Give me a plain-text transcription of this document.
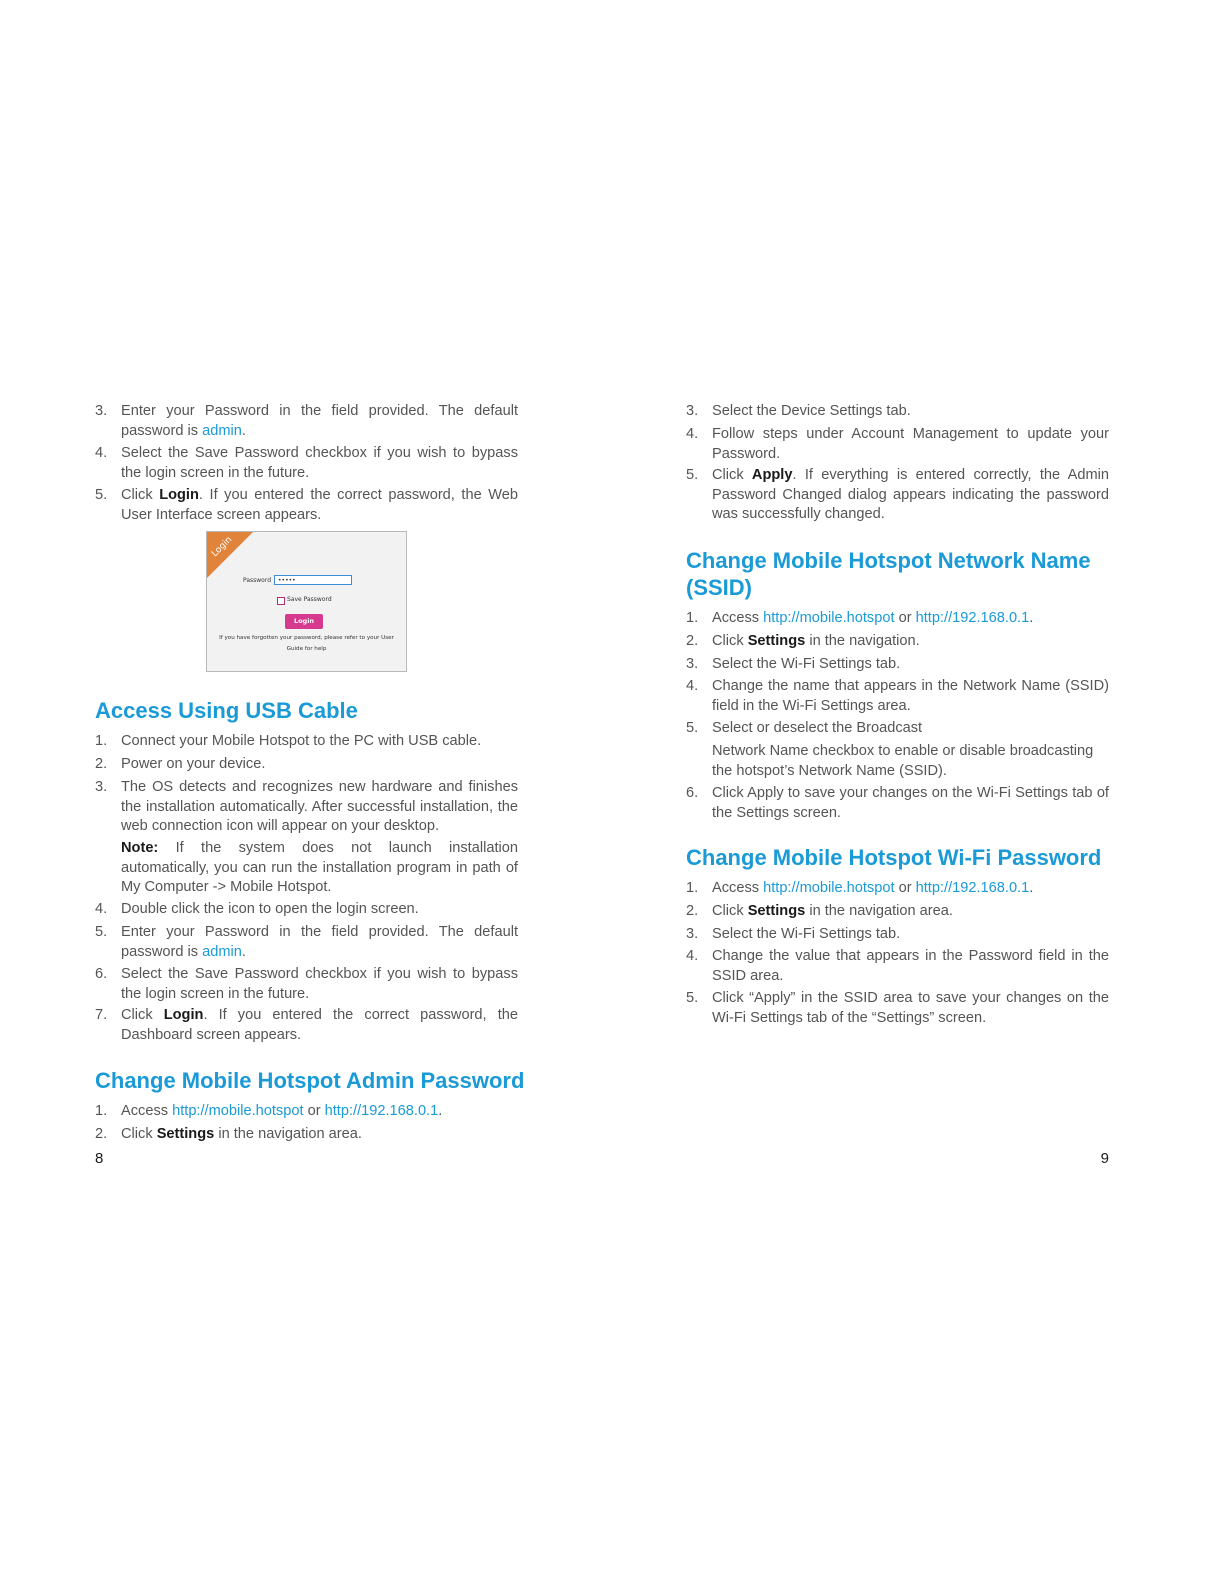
3. Enter your Password in the field provided. The default password is admin.
4. Select the Save Password checkbox if you wish to bypass the login screen in the future.
5. Click Login. If you entered the correct password, the Web User Interface screen appears.
Access Using USB Cable
1. Connect your Mobile Hotspot to the PC with USB cable.
2. Power on your device.
3. The OS detects and recognizes new hardware and finishes the installation automatically. After successful installation, the web connection icon will appear on your desktop.
Note: If the system does not launch installation
automatically, you can run the installation program in path of My Computer -> Mobile Hotspot.
4. Double click the icon to open the login screen.
5. Enter your Password in the field provided. The default password is admin.
6. Select the Save Password checkbox if you wish to bypass the login screen in the future.
7. Click Login. If you entered the correct password, the Dashboard screen appears.
Change Mobile Hotspot Admin Password
1. Access http://mobile.hotspot or http://192.168.0.1.
2. Click Settings in the navigation area.
8
Login
Password	•••••
Save Password
Login
If you have forgotten your password, please refer to your User Guide for help
3. Select the Device Settings tab.
4. Follow steps under Account Management to update your Password.
5. Click Apply. If everything is entered correctly, the Admin Password Changed dialog appears indicating the password was successfully changed.
Change Mobile Hotspot Network Name (SSID)
1. Access http://mobile.hotspot or http://192.168.0.1.
2. Click Settings in the navigation.
3. Select the Wi-Fi Settings tab.
4. Change the name that appears in the Network Name (SSID) field in the Wi-Fi Settings area.
5. Select or deselect the Broadcast
Network Name checkbox to enable or disable broadcasting the hotspot’s Network Name (SSID).
6. Click Apply to save your changes on the Wi-Fi Settings tab of the Settings screen.
Change Mobile Hotspot Wi-Fi Password
1. Access http://mobile.hotspot or http://192.168.0.1.
2. Click Settings in the navigation area.
3. Select the Wi-Fi Settings tab.
4. Change the value that appears in the Password field in the SSID area.
5. Click “Apply” in the SSID area to save your changes on the Wi-Fi Settings tab of the “Settings” screen.
9
